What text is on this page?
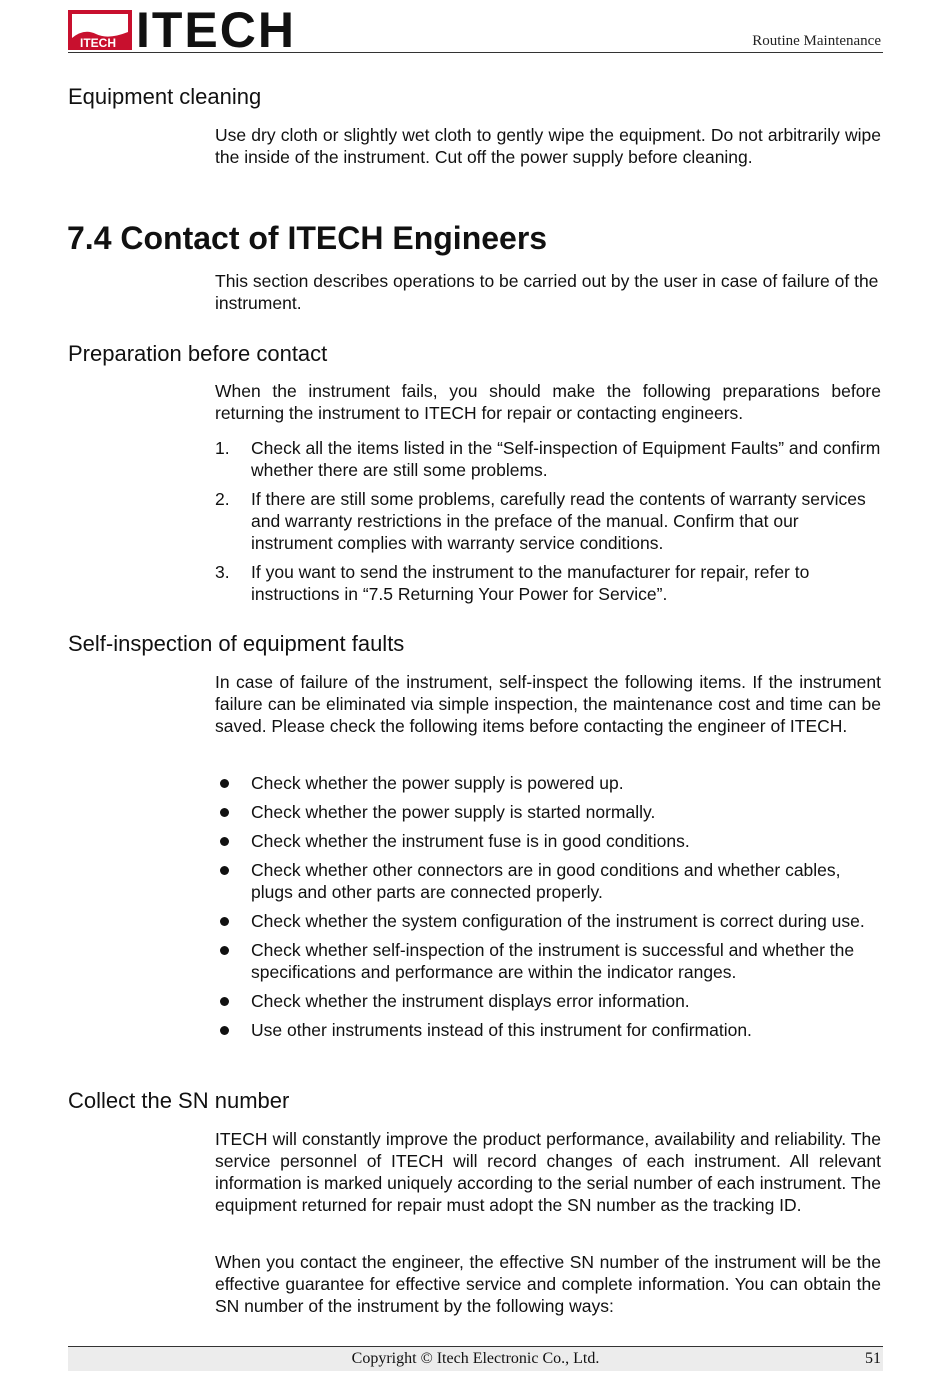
ITECH ITECH	Routine Maintenance
Equipment cleaning

Use dry cloth or slightly wet cloth to gently wipe the equipment. Do not arbitrarily wipe the inside of the instrument. Cut off the power supply before cleaning.

7.4 Contact of ITECH Engineers

This section describes operations to be carried out by the user in case of failure of the instrument.

Preparation before contact

When the instrument fails, you should make the following preparations before returning the instrument to ITECH for repair or contacting engineers.

1.	Check all the items listed in the “Self-inspection of Equipment Faults” and confirm whether there are still some problems.
2.	If there are still some problems, carefully read the contents of warranty services and warranty restrictions in the preface of the manual. Confirm that our instrument complies with warranty service conditions.
3.	If you want to send the instrument to the manufacturer for repair, refer to instructions in “7.5 Returning Your Power for Service”.
Self-inspection of equipment faults

In case of failure of the instrument, self-inspect the following items. If the instrument failure can be eliminated via simple inspection, the maintenance cost and time can be saved. Please check the following items before contacting the engineer of ITECH.

Check whether the power supply is powered up.
Check whether the power supply is started normally.
Check whether the instrument fuse is in good conditions.
Check whether other connectors are in good conditions and whether cables, plugs and other parts are connected properly.
Check whether the system configuration of the instrument is correct during use.
Check whether self-inspection of the instrument is successful and whether the specifications and performance are within the indicator ranges.
Check whether the instrument displays error information.
Use other instruments instead of this instrument for confirmation.
Collect the SN number

ITECH will constantly improve the product performance, availability and reliability. The service personnel of ITECH will record changes of each instrument. All relevant information is marked uniquely according to the serial number of each instrument. The equipment returned for repair must adopt the SN number as the tracking ID.

When you contact the engineer, the effective SN number of the instrument will be the effective guarantee for effective service and complete information. You can obtain the SN number of the instrument by the following ways:

Copyright © Itech Electronic Co., Ltd.	51
